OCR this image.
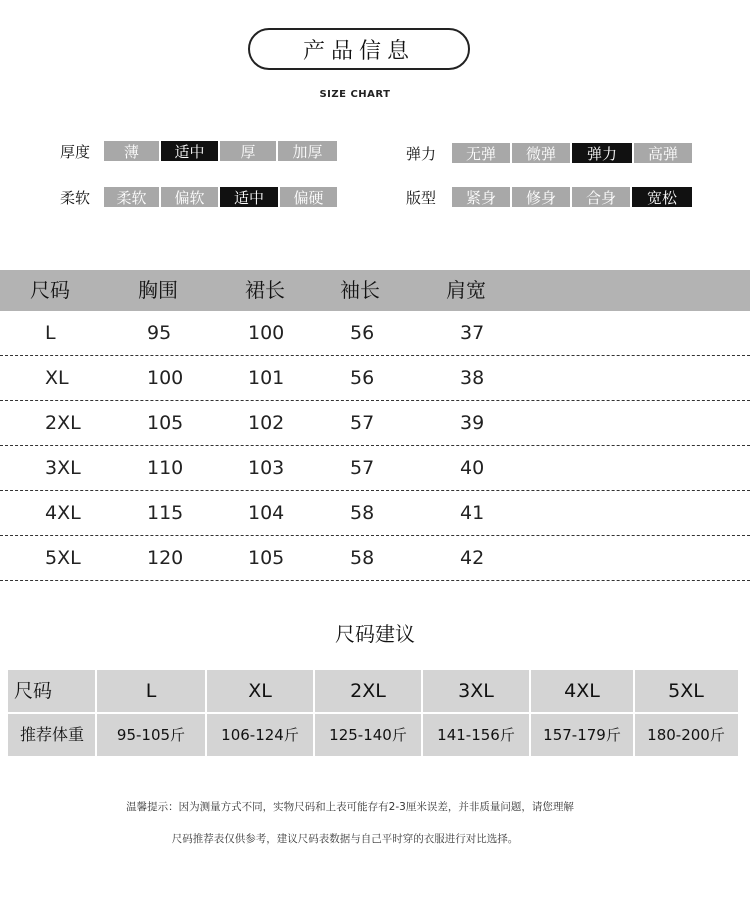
产品信息
SIZE CHART
厚度	薄	适中	厚	加厚	弹力	无弹	微弹	弹力	高弹
柔软	柔软	偏软	适中	偏硬	版型	紧身	修身	合身	宽松
尺码	胸围	裙长	袖长	肩宽
L	95	100	56	37
XL	100	101	56	38
2XL	105	102	57	39
3XL	110	103	57	40
4XL	115	104	58	41
5XL	120	105	58	42
尺码建议
尺码	L	XL	2XL	3XL	4XL	5XL
推荐体重	95-105斤	106-124斤	125-140斤	141-156斤	157-179斤	180-200斤
温馨提示：因为测量方式不同，实物尺码和上表可能存有2-3厘米误差，并非质量问题，请您理解
尺码推荐表仅供参考，建议尺码表数据与自己平时穿的衣服进行对比选择。
